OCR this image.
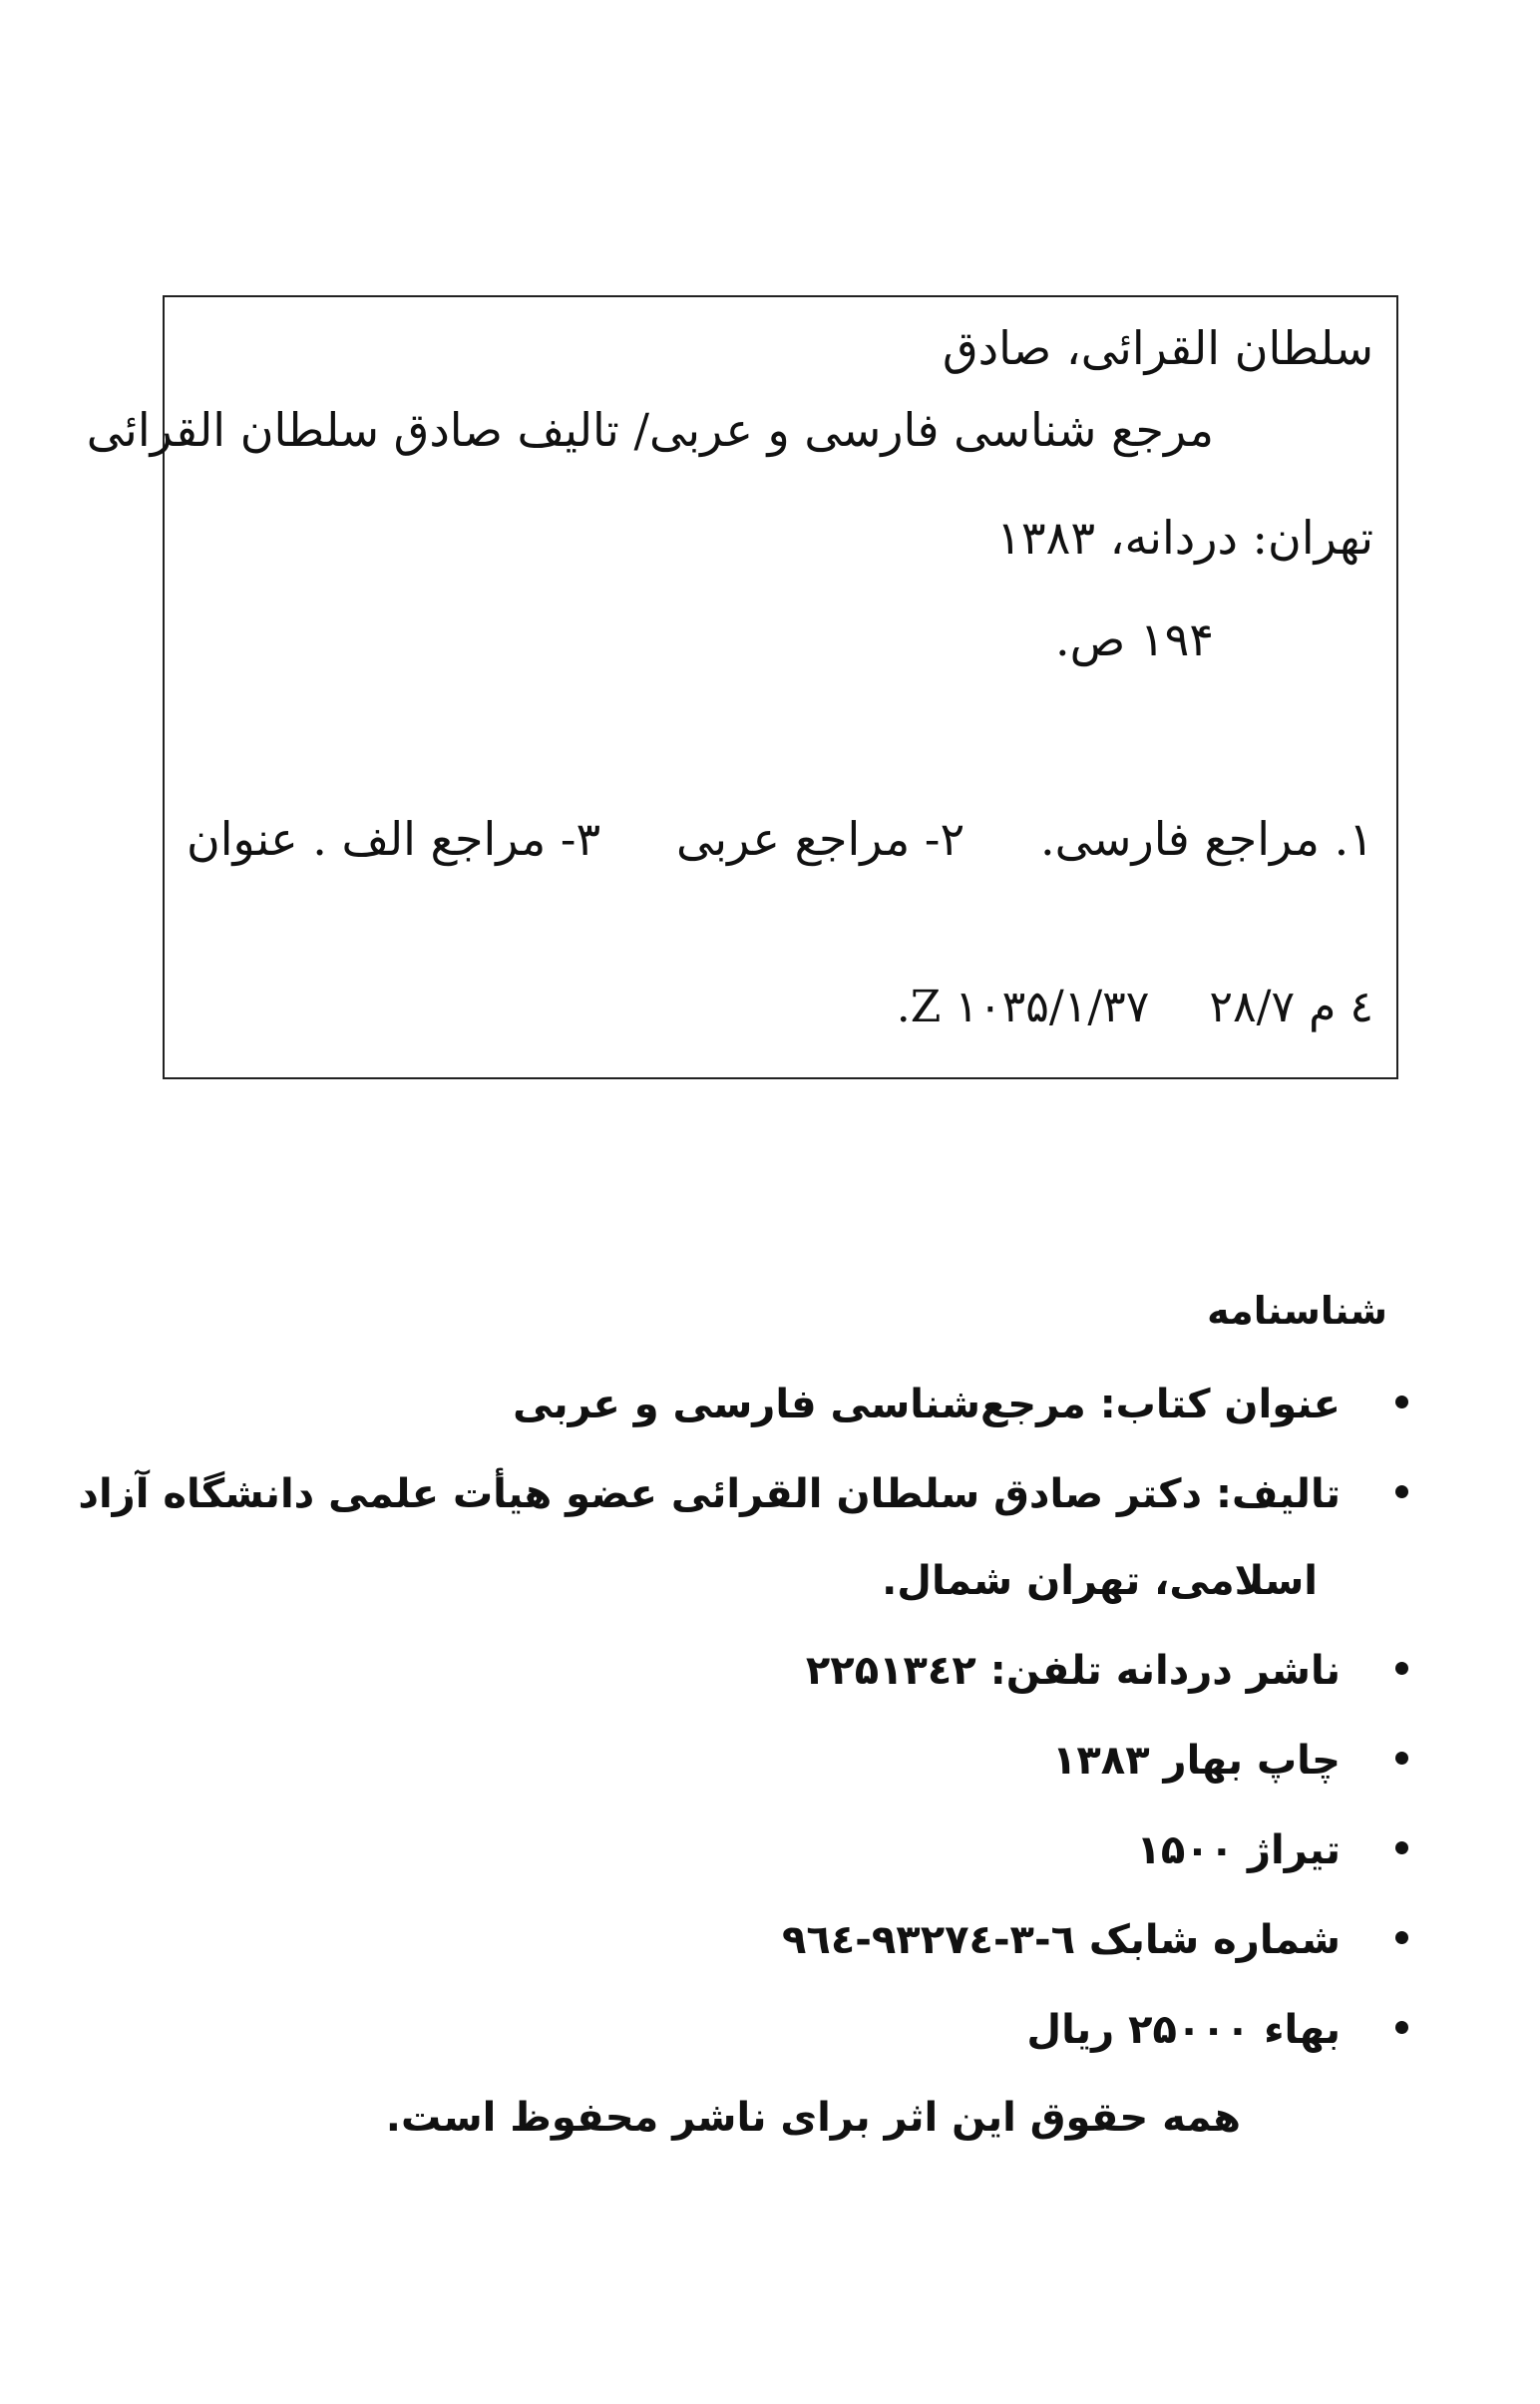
سلطان القرائی، صادق
مرجع شناسی فارسی و عربی/ تالیف صادق سلطان القرائی
تهران: دردانه، ۱۳۸۳
۱۹۴ ص.
۱. مراجع فارسی.
۲- مراجع عربی
۳- مراجع الف . عنوان
٤ م Z ۱۰۳۵/۱/۳۷۲۸/۷.
شناسنامه
عنوان کتاب: مرجع‌شناسی فارسی و عربی
تالیف: دکتر صادق سلطان القرائی عضو هیأت علمی دانشگاه آزاد
اسلامی، تهران شمال.
ناشر دردانه تلفن: ۲۲۵۱۳٤۲
چاپ بهار ۱۳۸۳
تیراژ ۱۵۰۰
شماره شابک ٦-۳-۹۳۲۷٤-۹٦٤
بهاء ۲۵۰۰۰ ریال
همه حقوق این اثر برای ناشر محفوظ است.
